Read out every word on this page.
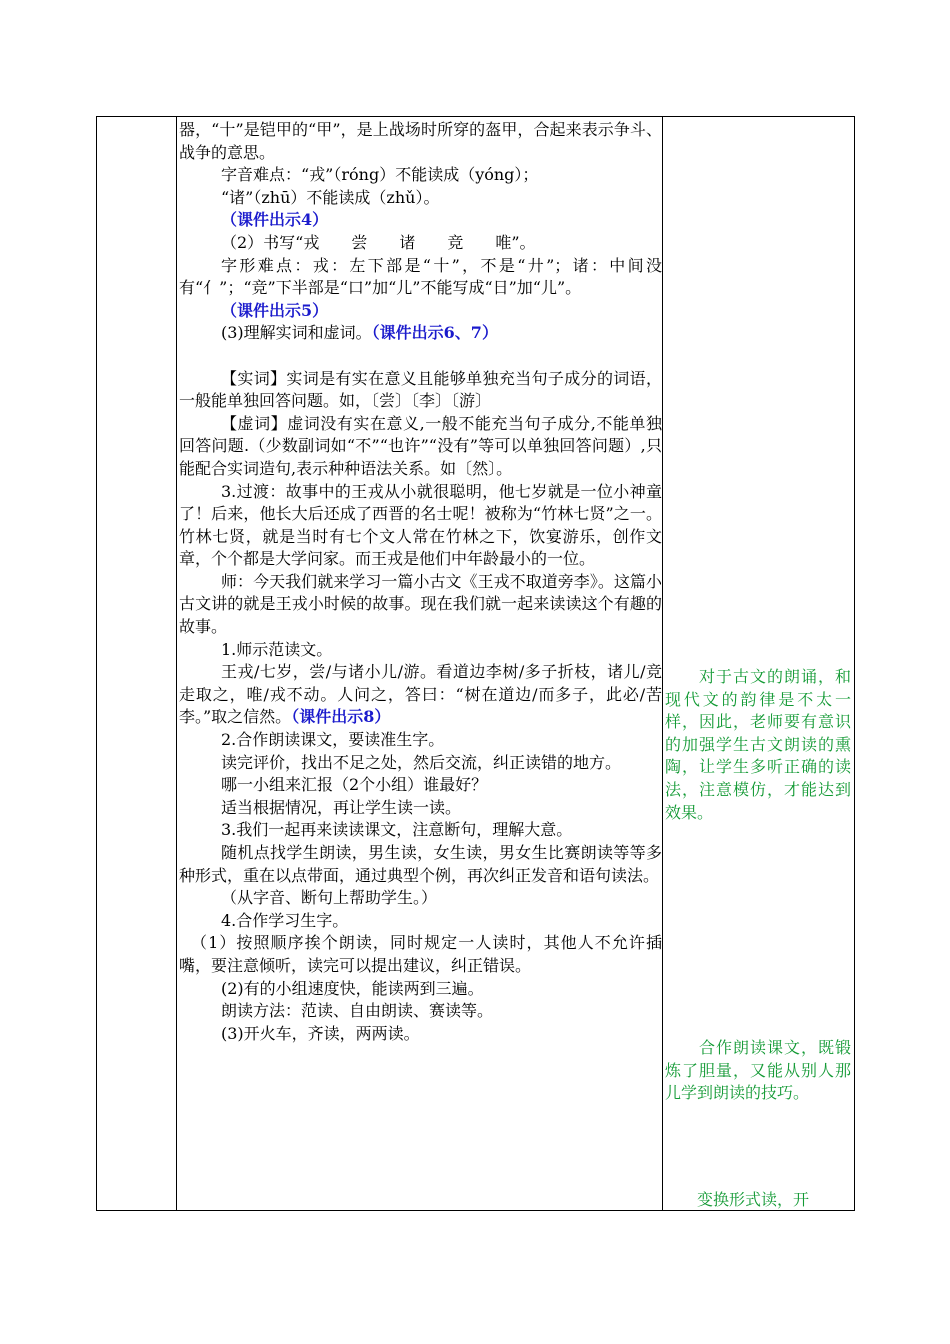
器，“十”是铠甲的“甲”，是上战场时所穿的盔甲，合起来表示争斗、战争的意思。

字音难点：“戎”（róng）不能读成（yóng）；

“诸”（zhū）不能读成（zhǔ）。

（课件出示4）

（2）书写“戎　　尝　　诸　　竞　　唯”。

字形难点：戎：左下部是“十”，不是“廾”；诸：中间没有“亻”；“竞”下半部是“口”加“儿”不能写成“日”加“儿”。

（课件出示5）

(3)理解实词和虚词。（课件出示6、7）

【实词】实词是有实在意义且能够单独充当句子成分的词语，一般能单独回答问题。如，〔尝〕〔李〕〔游〕

【虚词】虚词没有实在意义,一般不能充当句子成分,不能单独回答问题.（少数副词如“不”“也许”“没有”等可以单独回答问题）,只能配合实词造句,表示种种语法关系。如〔然〕。

3.过渡：故事中的王戎从小就很聪明，他七岁就是一位小神童了！后来，他长大后还成了西晋的名士呢！被称为“竹林七贤”之一。竹林七贤，就是当时有七个文人常在竹林之下，饮宴游乐，创作文章，个个都是大学问家。而王戎是他们中年龄最小的一位。

师：今天我们就来学习一篇小古文《王戎不取道旁李》。这篇小古文讲的就是王戎小时候的故事。现在我们就一起来读读这个有趣的故事。

1.师示范读文。

王戎/七岁，尝/与诸小儿/游。看道边李树/多子折枝，诸儿/竞走取之，唯/戎不动。人问之，答曰：“树在道边/而多子，此必/苦李。”取之信然。（课件出示8）

2.合作朗读课文，要读准生字。

读完评价，找出不足之处，然后交流，纠正读错的地方。

哪一小组来汇报（2个小组）谁最好？

适当根据情况，再让学生读一读。

3.我们一起再来读读课文，注意断句，理解大意。

随机点找学生朗读，男生读，女生读，男女生比赛朗读等等多种形式，重在以点带面，通过典型个例，再次纠正发音和语句读法。

（从字音、断句上帮助学生。）

4.合作学习生字。

（1）按照顺序挨个朗读，同时规定一人读时，其他人不允许插嘴，要注意倾听，读完可以提出建议，纠正错误。

(2)有的小组速度快，能读两到三遍。

朗读方法：范读、自由朗读、赛读等。

(3)开火车，齐读，两两读。

　　对于古文的朗诵，和现代文的韵律是不太一样，因此，老师要有意识的加强学生古文朗读的熏陶，让学生多听正确的读法，注意模仿，才能达到效果。

　　合作朗读课文，既锻炼了胆量，又能从别人那儿学到朗读的技巧。

　　变换形式读，开
